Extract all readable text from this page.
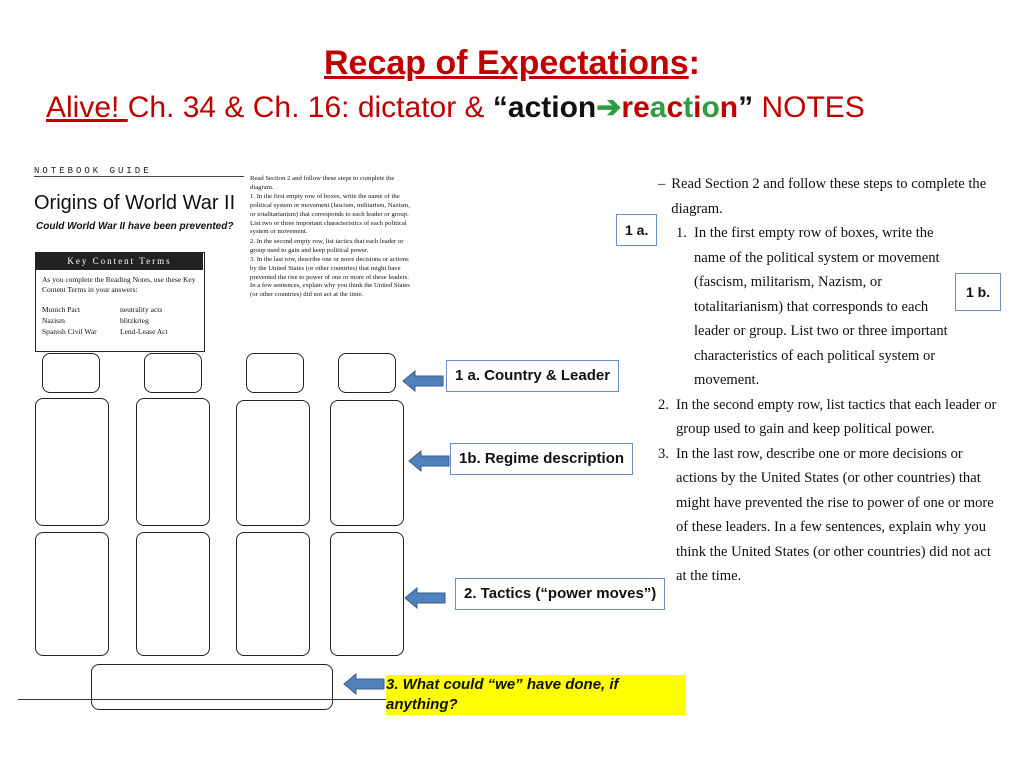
Recap of Expectations:
Alive! Ch. 34 & Ch. 16: dictator & “action➔reaction” NOTES
NOTEBOOK GUIDE
Origins of World War II
Could World War II have been prevented?
Key Content Terms
As you complete the Reading Notes, use these Key Content Terms in your answers:
Munich Pact	neutrality acts
Nazism	blitzkrieg
Spanish Civil War	Lend-Lease Act

Read Section 2 and follow these steps to complete the diagram.

1. In the first empty row of boxes, write the name of the political system or movement (fascism, militarism, Nazism, or totalitarianism) that corresponds to each leader or group. List two or three important characteristics of each political system or movement.

2. In the second empty row, list tactics that each leader or group used to gain and keep political power.

3. In the last row, describe one or more decisions or actions by the United States (or other countries) that might have prevented the rise to power of one or more of these leaders. In a few sentences, explain why you think the United States (or other countries) did not act at the time.

1 a. Country & Leader
1b. Regime description
2. Tactics (“power moves”)
3. What could “we” have done, if anything?
1 a.
1 b.
– Read Section 2 and follow these steps to complete the diagram.
1. In the first empty row of boxes, write the name of the political system or movement (fascism, militarism, Nazism, or totalitarianism) that corresponds to each leader or group. List two or three important characteristics of each political system or movement.
2. In the second empty row, list tactics that each leader or group used to gain and keep political power.
3. In the last row, describe one or more decisions or actions by the United States (or other countries) that might have prevented the rise to power of one or more of these leaders. In a few sentences, explain why you think the United States (or other countries) did not act at the time.
